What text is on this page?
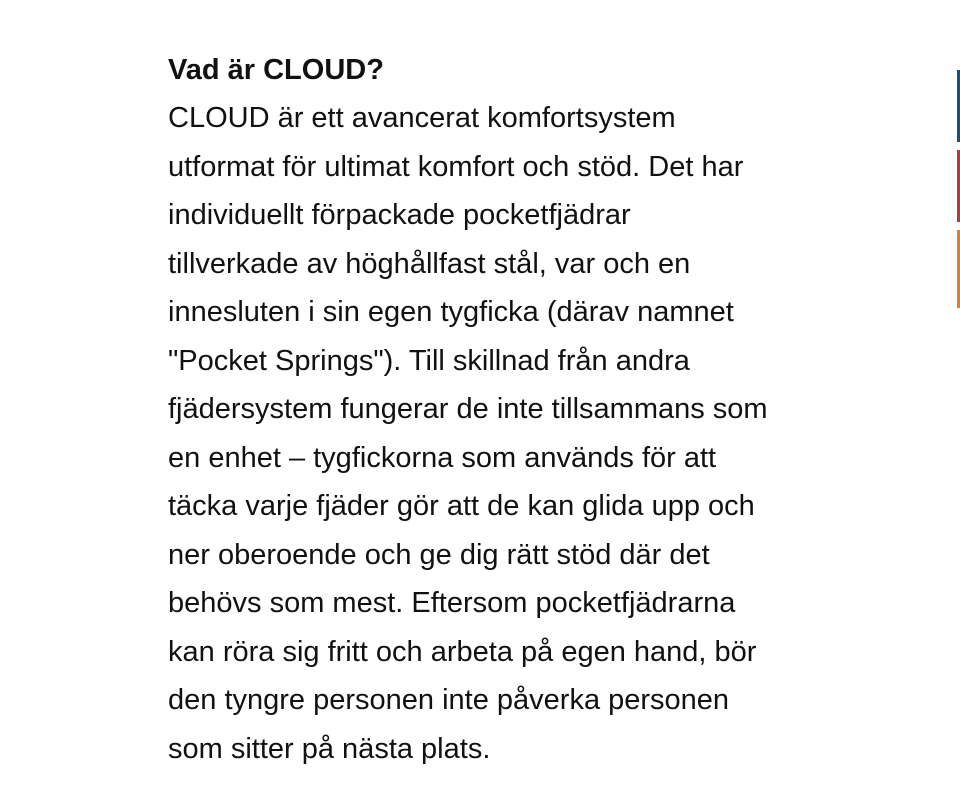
Vad är CLOUD?

CLOUD är ett avancerat komfortsystem
utformat för ultimat komfort och stöd. Det har
individuellt förpackade pocketfjädrar
tillverkade av höghållfast stål, var och en
innesluten i sin egen tygficka (därav namnet
"Pocket Springs"). Till skillnad från andra
fjädersystem fungerar de inte tillsammans som
en enhet – tygfickorna som används för att
täcka varje fjäder gör att de kan glida upp och
ner oberoende och ge dig rätt stöd där det
behövs som mest. Eftersom pocketfjädrarna
kan röra sig fritt och arbeta på egen hand, bör
den tyngre personen inte påverka personen
som sitter på nästa plats.
